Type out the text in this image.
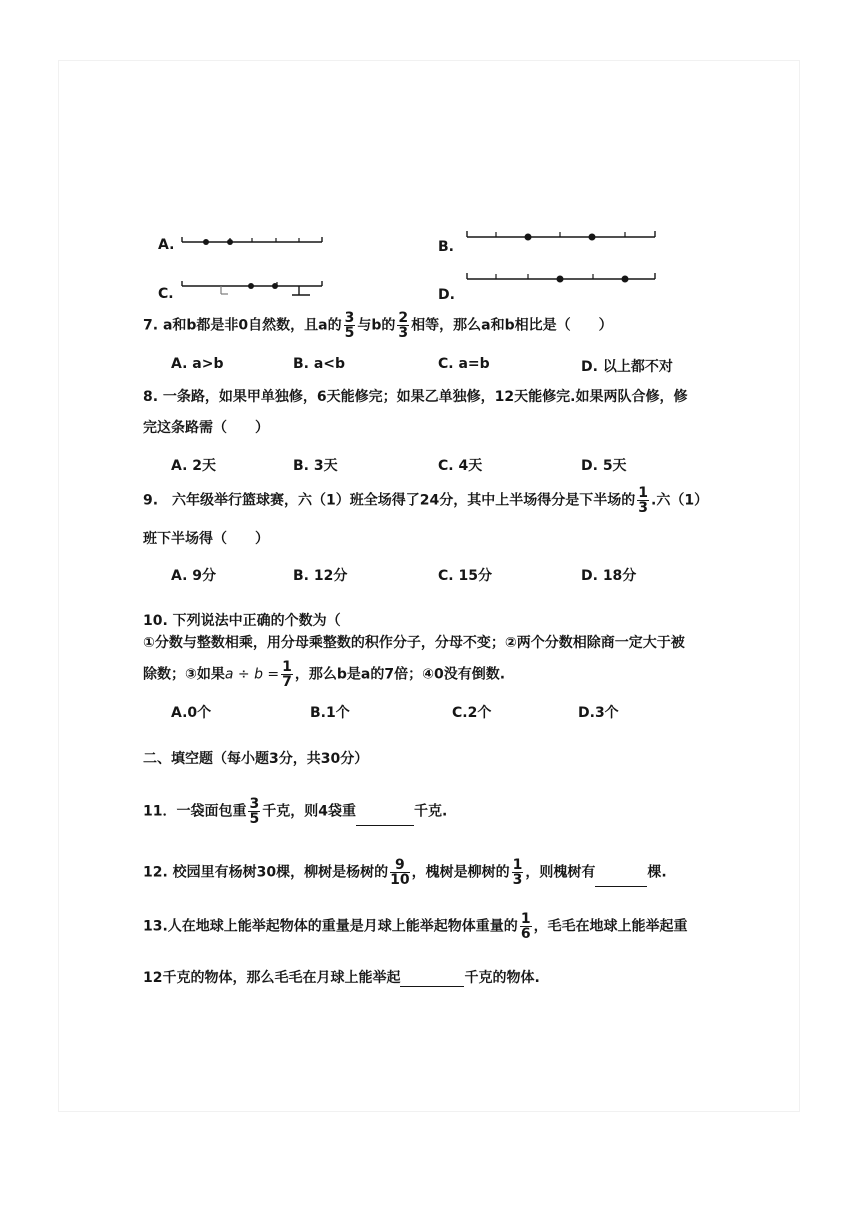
A.	B.
C.	D.
7. a和b都是非0自然数，且a的 $\frac{3}{5}$ 与b的 $\frac{2}{3}$ 相等，那么a和b相比是（　　）
A. a>b	B. a<b	C. a=b	D. 以上都不对
8. 一条路，如果甲单独修，6天能修完；如果乙单独修，12天能修完.如果两队合修，修
完这条路需（　　）
A. 2天	B. 3天	C. 4天	D. 5天
9.　六年级举行篮球赛，六（1）班全场得了24分，其中上半场得分是下半场的 $\frac{1}{3}$ .六（1）
班下半场得（　　）
A. 9分	B. 12分	C. 15分	D. 18分
10. 下列说法中正确的个数为（
①分数与整数相乘，用分母乘整数的积作分子，分母不变；②两个分数相除商一定大于被
除数；③如果$a \div b = \frac{1}{7}$ ，那么b是a的7倍；④0没有倒数.
A.0个	B.1个	C.2个	D.3个
二、填空题（每小题3分，共30分）
11．一袋面包重 $\frac{3}{5}$ 千克，则4袋重	千克.
12. 校园里有杨树30棵，柳树是杨树的 $\frac{9}{10}$ ，槐树是柳树的 $\frac{1}{3}$ ，则槐树有	棵.
13.人在地球上能举起物体的重量是月球上能举起物体重量的 $\frac{1}{6}$ ，毛毛在地球上能举起重
12千克的物体，那么毛毛在月球上能举起	千克的物体.
